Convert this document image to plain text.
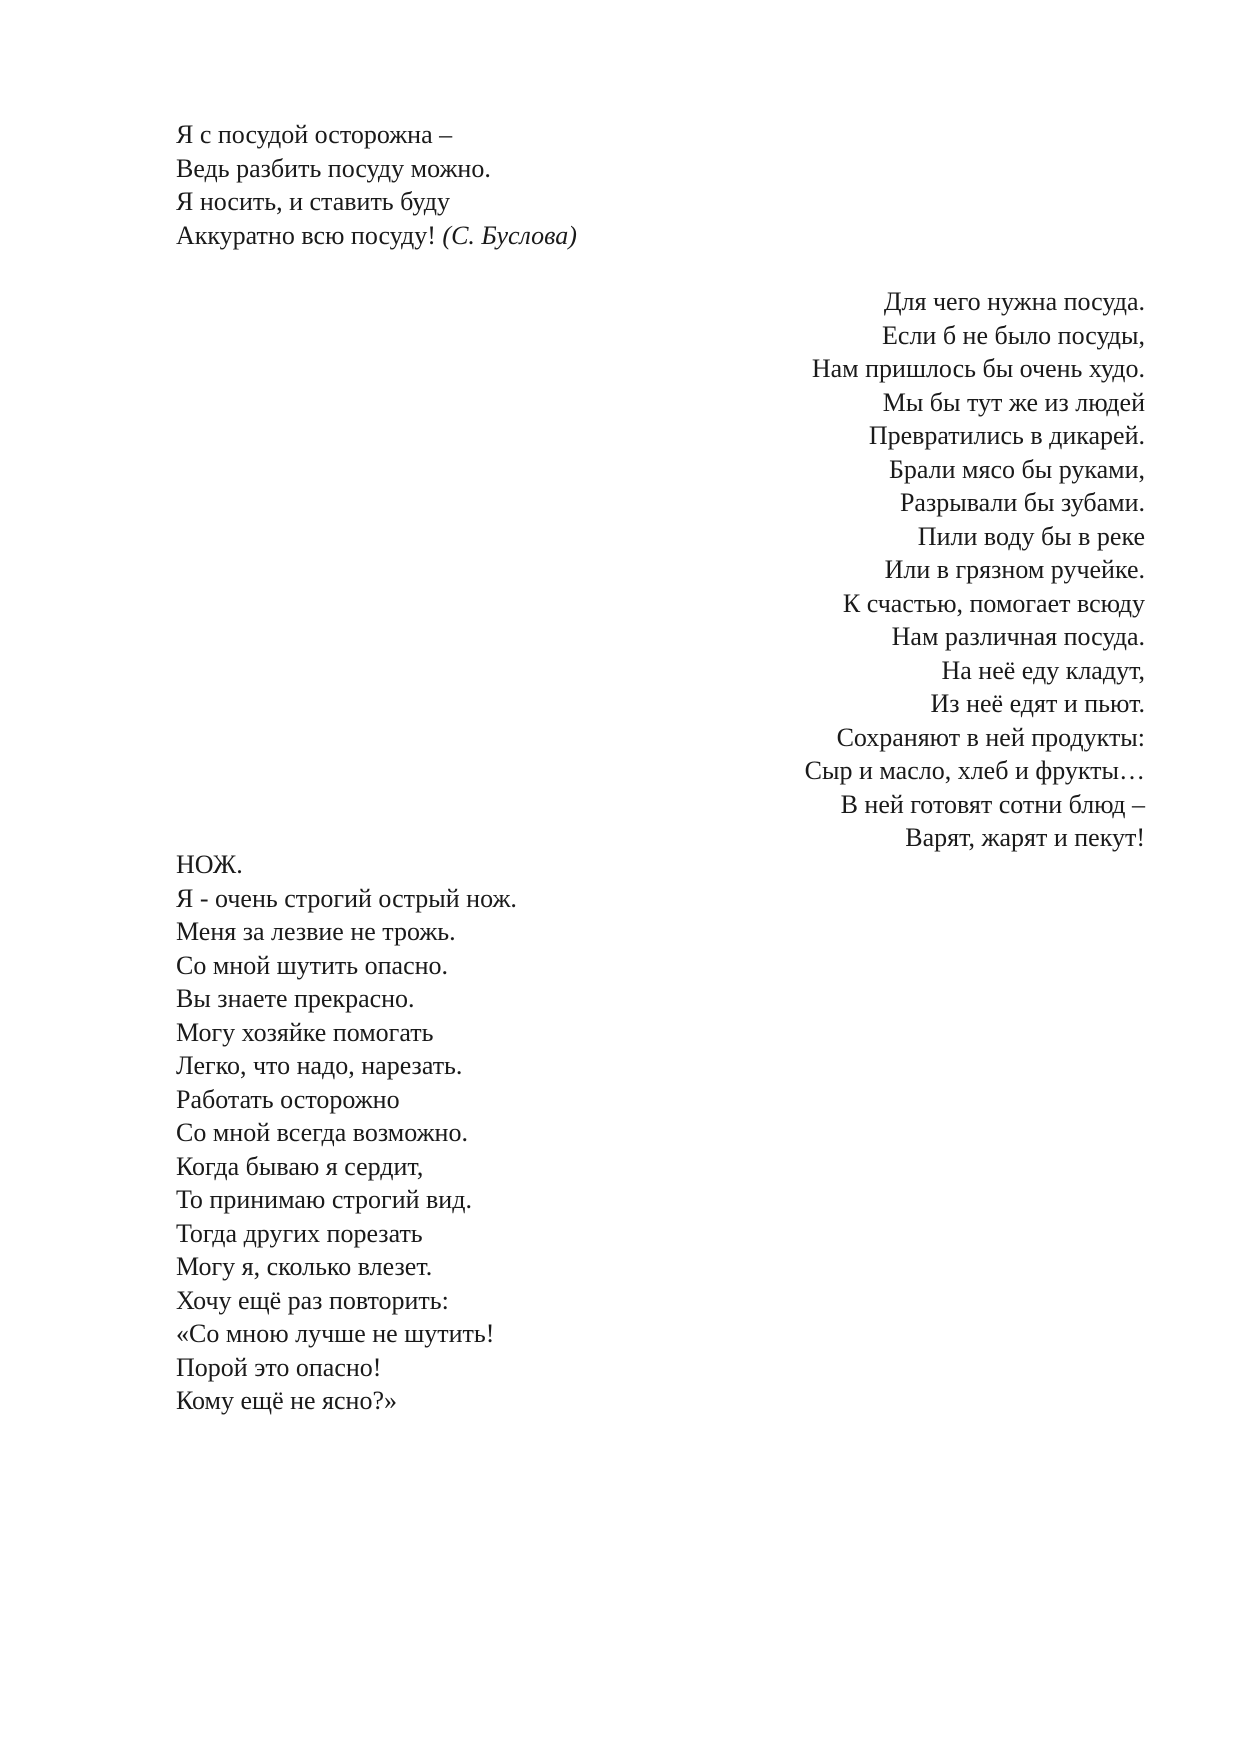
Я с посудой осторожна –
Ведь разбить посуду можно.
Я носить, и ставить буду
Аккуратно всю посуду! (С. Буслова)
Для чего нужна посуда.
Если б не было посуды,
Нам пришлось бы очень худо.
Мы бы тут же из людей
Превратились в дикарей.
Брали мясо бы руками,
Разрывали бы зубами.
Пили воду бы в реке
Или в грязном ручейке.
К счастью, помогает всюду
Нам различная посуда.
На неё еду кладут,
Из неё едят и пьют.
Сохраняют в ней продукты:
Сыр и масло, хлеб и фрукты…
В ней готовят сотни блюд –
Варят, жарят и пекут!
НОЖ.
Я - очень строгий острый нож.
Меня за лезвие не трожь.
Со мной шутить опасно.
Вы знаете прекрасно.
Могу хозяйке помогать
Легко, что надо, нарезать.
Работать осторожно
Со мной всегда возможно.
Когда бываю я сердит,
То принимаю строгий вид.
Тогда других порезать
Могу я, сколько влезет.
Хочу ещё раз повторить:
«Со мною лучше не шутить!
Порой это опасно!
Кому ещё не ясно?»
